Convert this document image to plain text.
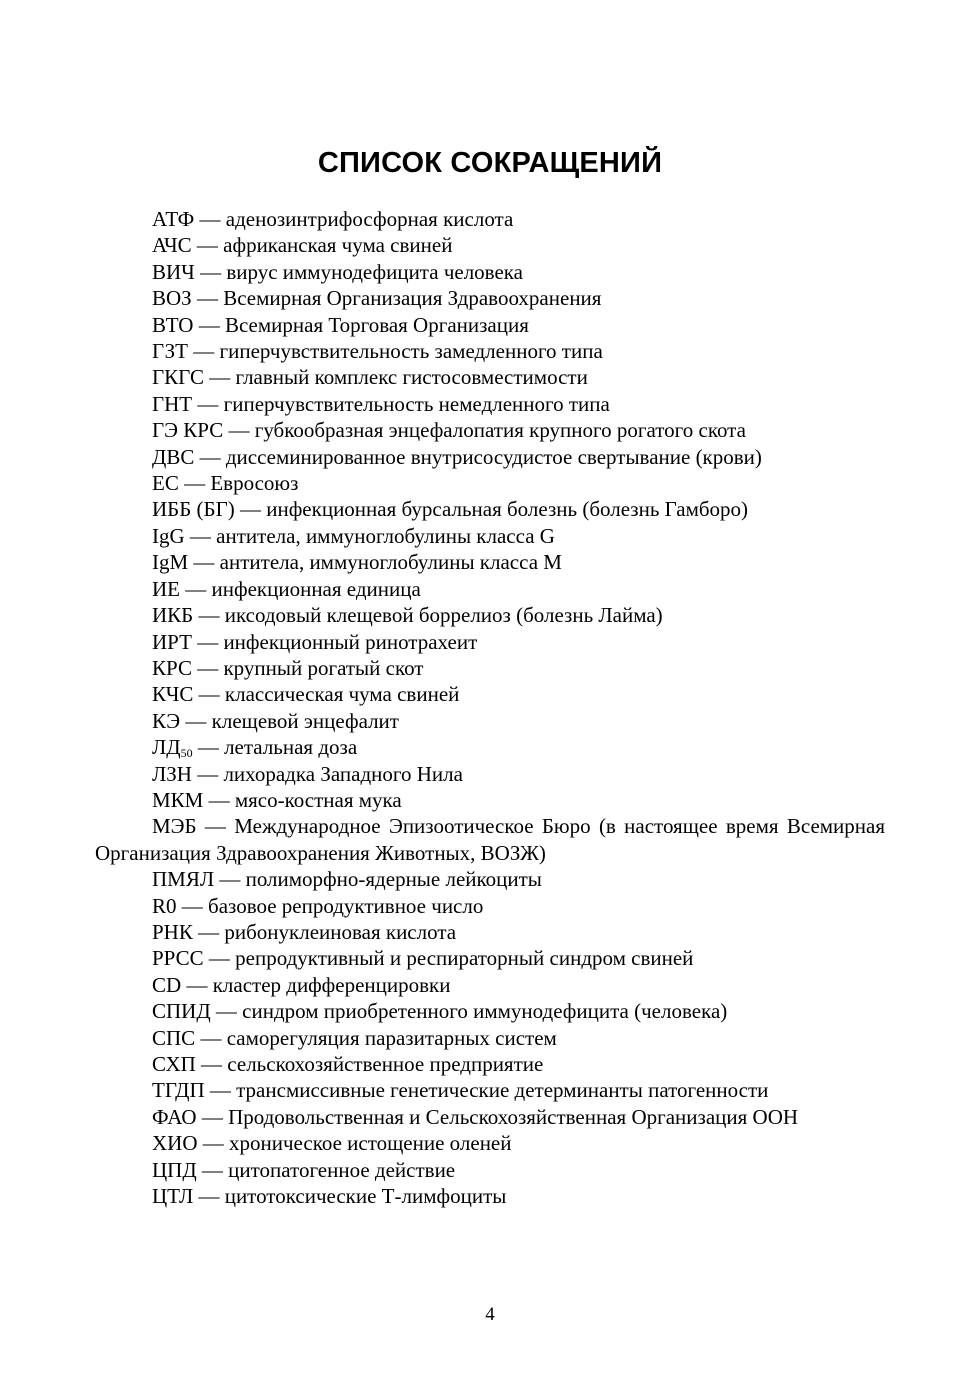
СПИСОК СОКРАЩЕНИЙ

АТФ — аденозинтрифосфорная кислота

АЧС — африканская чума свиней

ВИЧ — вирус иммунодефицита человека

ВОЗ — Всемирная Организация Здравоохранения

ВТО — Всемирная Торговая Организация

ГЗТ — гиперчувствительность замедленного типа

ГКГС — главный комплекс гистосовместимости

ГНТ — гиперчувствительность немедленного типа

ГЭ КРС — губкообразная энцефалопатия крупного рогатого скота

ДВС — диссеминированное внутрисосудистое свертывание (крови)

ЕС — Евросоюз

ИББ (БГ) — инфекционная бурсальная болезнь (болезнь Гамборо)

IgG — антитела, иммуноглобулины класса G

IgM — антитела, иммуноглобулины класса M

ИЕ — инфекционная единица

ИКБ — иксодовый клещевой боррелиоз (болезнь Лайма)

ИРТ — инфекционный ринотрахеит

КРС — крупный рогатый скот

КЧС — классическая чума свиней

КЭ — клещевой энцефалит

$ЛД_{50}$ — летальная доза

ЛЗН — лихорадка Западного Нила

МКМ — мясо-костная мука

МЭБ — Международное Эпизоотическое Бюро (в настоящее время Всемирная Организация Здравоохранения Животных, ВОЗЖ)

ПМЯЛ — полиморфно-ядерные лейкоциты

R0 — базовое репродуктивное число

РНК — рибонуклеиновая кислота

РРСС — репродуктивный и респираторный синдром свиней

CD — кластер дифференцировки

СПИД — синдром приобретенного иммунодефицита (человека)

СПС — саморегуляция паразитарных систем

СХП — сельскохозяйственное предприятие

ТГДП — трансмиссивные генетические детерминанты патогенности

ФАО — Продовольственная и Сельскохозяйственная Организация ООН

ХИО — хроническое истощение оленей

ЦПД — цитопатогенное действие

ЦТЛ — цитотоксические Т-лимфоциты

4
